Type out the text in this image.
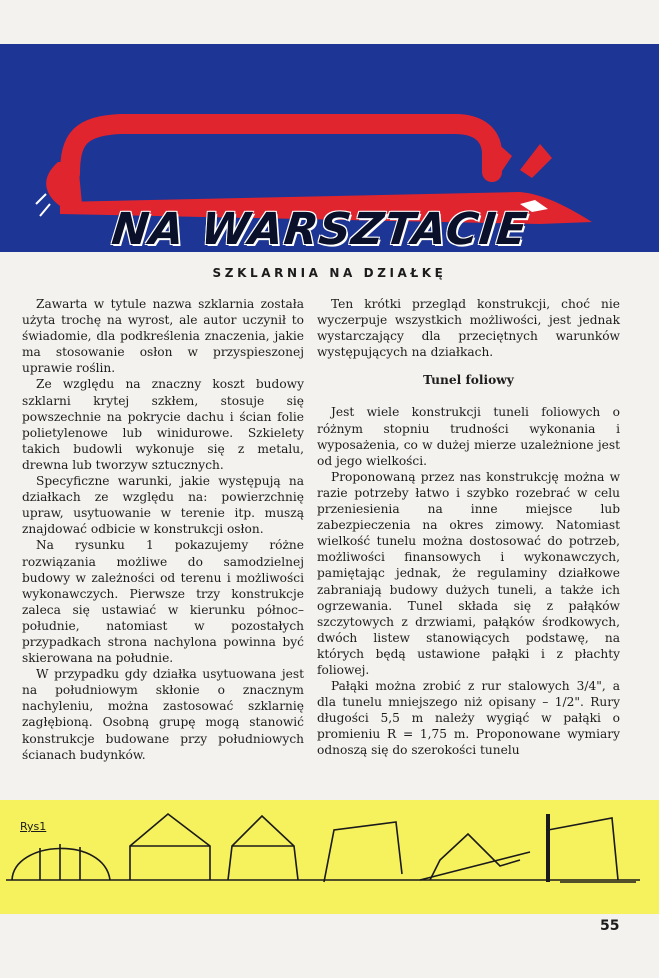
NA WARSZTACIE
SZKLARNIA NA DZIAŁKĘ

Zawarta w tytule nazwa szklarnia została użyta trochę na wyrost, ale autor uczynił to świadomie, dla podkreślenia znaczenia, jakie ma stosowanie osłon w przyspieszonej uprawie roślin.

Ze względu na znaczny koszt budowy szklarni krytej szkłem, stosuje się powszechnie na pokrycie dachu i ścian folie polietylenowe lub winidurowe. Szkielety takich budowli wykonuje się z metalu, drewna lub tworzyw sztucznych.

Specyficzne warunki, jakie występują na działkach ze względu na: powierzchnię upraw, usytuowanie w terenie itp. muszą znajdować odbicie w konstrukcji osłon.

Na rysunku 1 pokazujemy różne rozwiązania możliwe do samodzielnej budowy w zależności od terenu i możliwości wykonawczych. Pierwsze trzy konstrukcje zaleca się ustawiać w kierunku północ–południe, natomiast w pozostałych przypadkach strona nachylona powinna być skierowana na południe.

W przypadku gdy działka usytuowana jest na południowym skłonie o znacznym nachyleniu, można zastosować szklarnię zagłębioną. Osobną grupę mogą stanowić konstrukcje budowane przy południowych ścianach budynków.

Ten krótki przegląd konstrukcji, choć nie wyczerpuje wszystkich możliwości, jest jednak wystarczający dla przeciętnych warunków występujących na działkach.

Tunel foliowy

Jest wiele konstrukcji tuneli foliowych o różnym stopniu trudności wykonania i wyposażenia, co w dużej mierze uzależnione jest od jego wielkości.

Proponowaną przez nas konstrukcję można w razie potrzeby łatwo i szybko rozebrać w celu przeniesienia na inne miejsce lub zabezpieczenia na okres zimowy. Natomiast wielkość tunelu można dostosować do potrzeb, możliwości finansowych i wykonawczych, pamiętając jednak, że regulaminy działkowe zabraniają budowy dużych tuneli, a także ich ogrzewania. Tunel składa się z pałąków szczytowych z drzwiami, pałąków środkowych, dwóch listew stanowiących podstawę, na których będą ustawione pałąki i z płachty foliowej.

Pałąki można zrobić z rur stalowych 3/4", a dla tunelu mniejszego niż opisany – 1/2". Rury długości 5,5 m należy wygiąć w pałąki o promieniu R = 1,75 m. Proponowane wymiary odnoszą się do szerokości tunelu

Rys1
55
